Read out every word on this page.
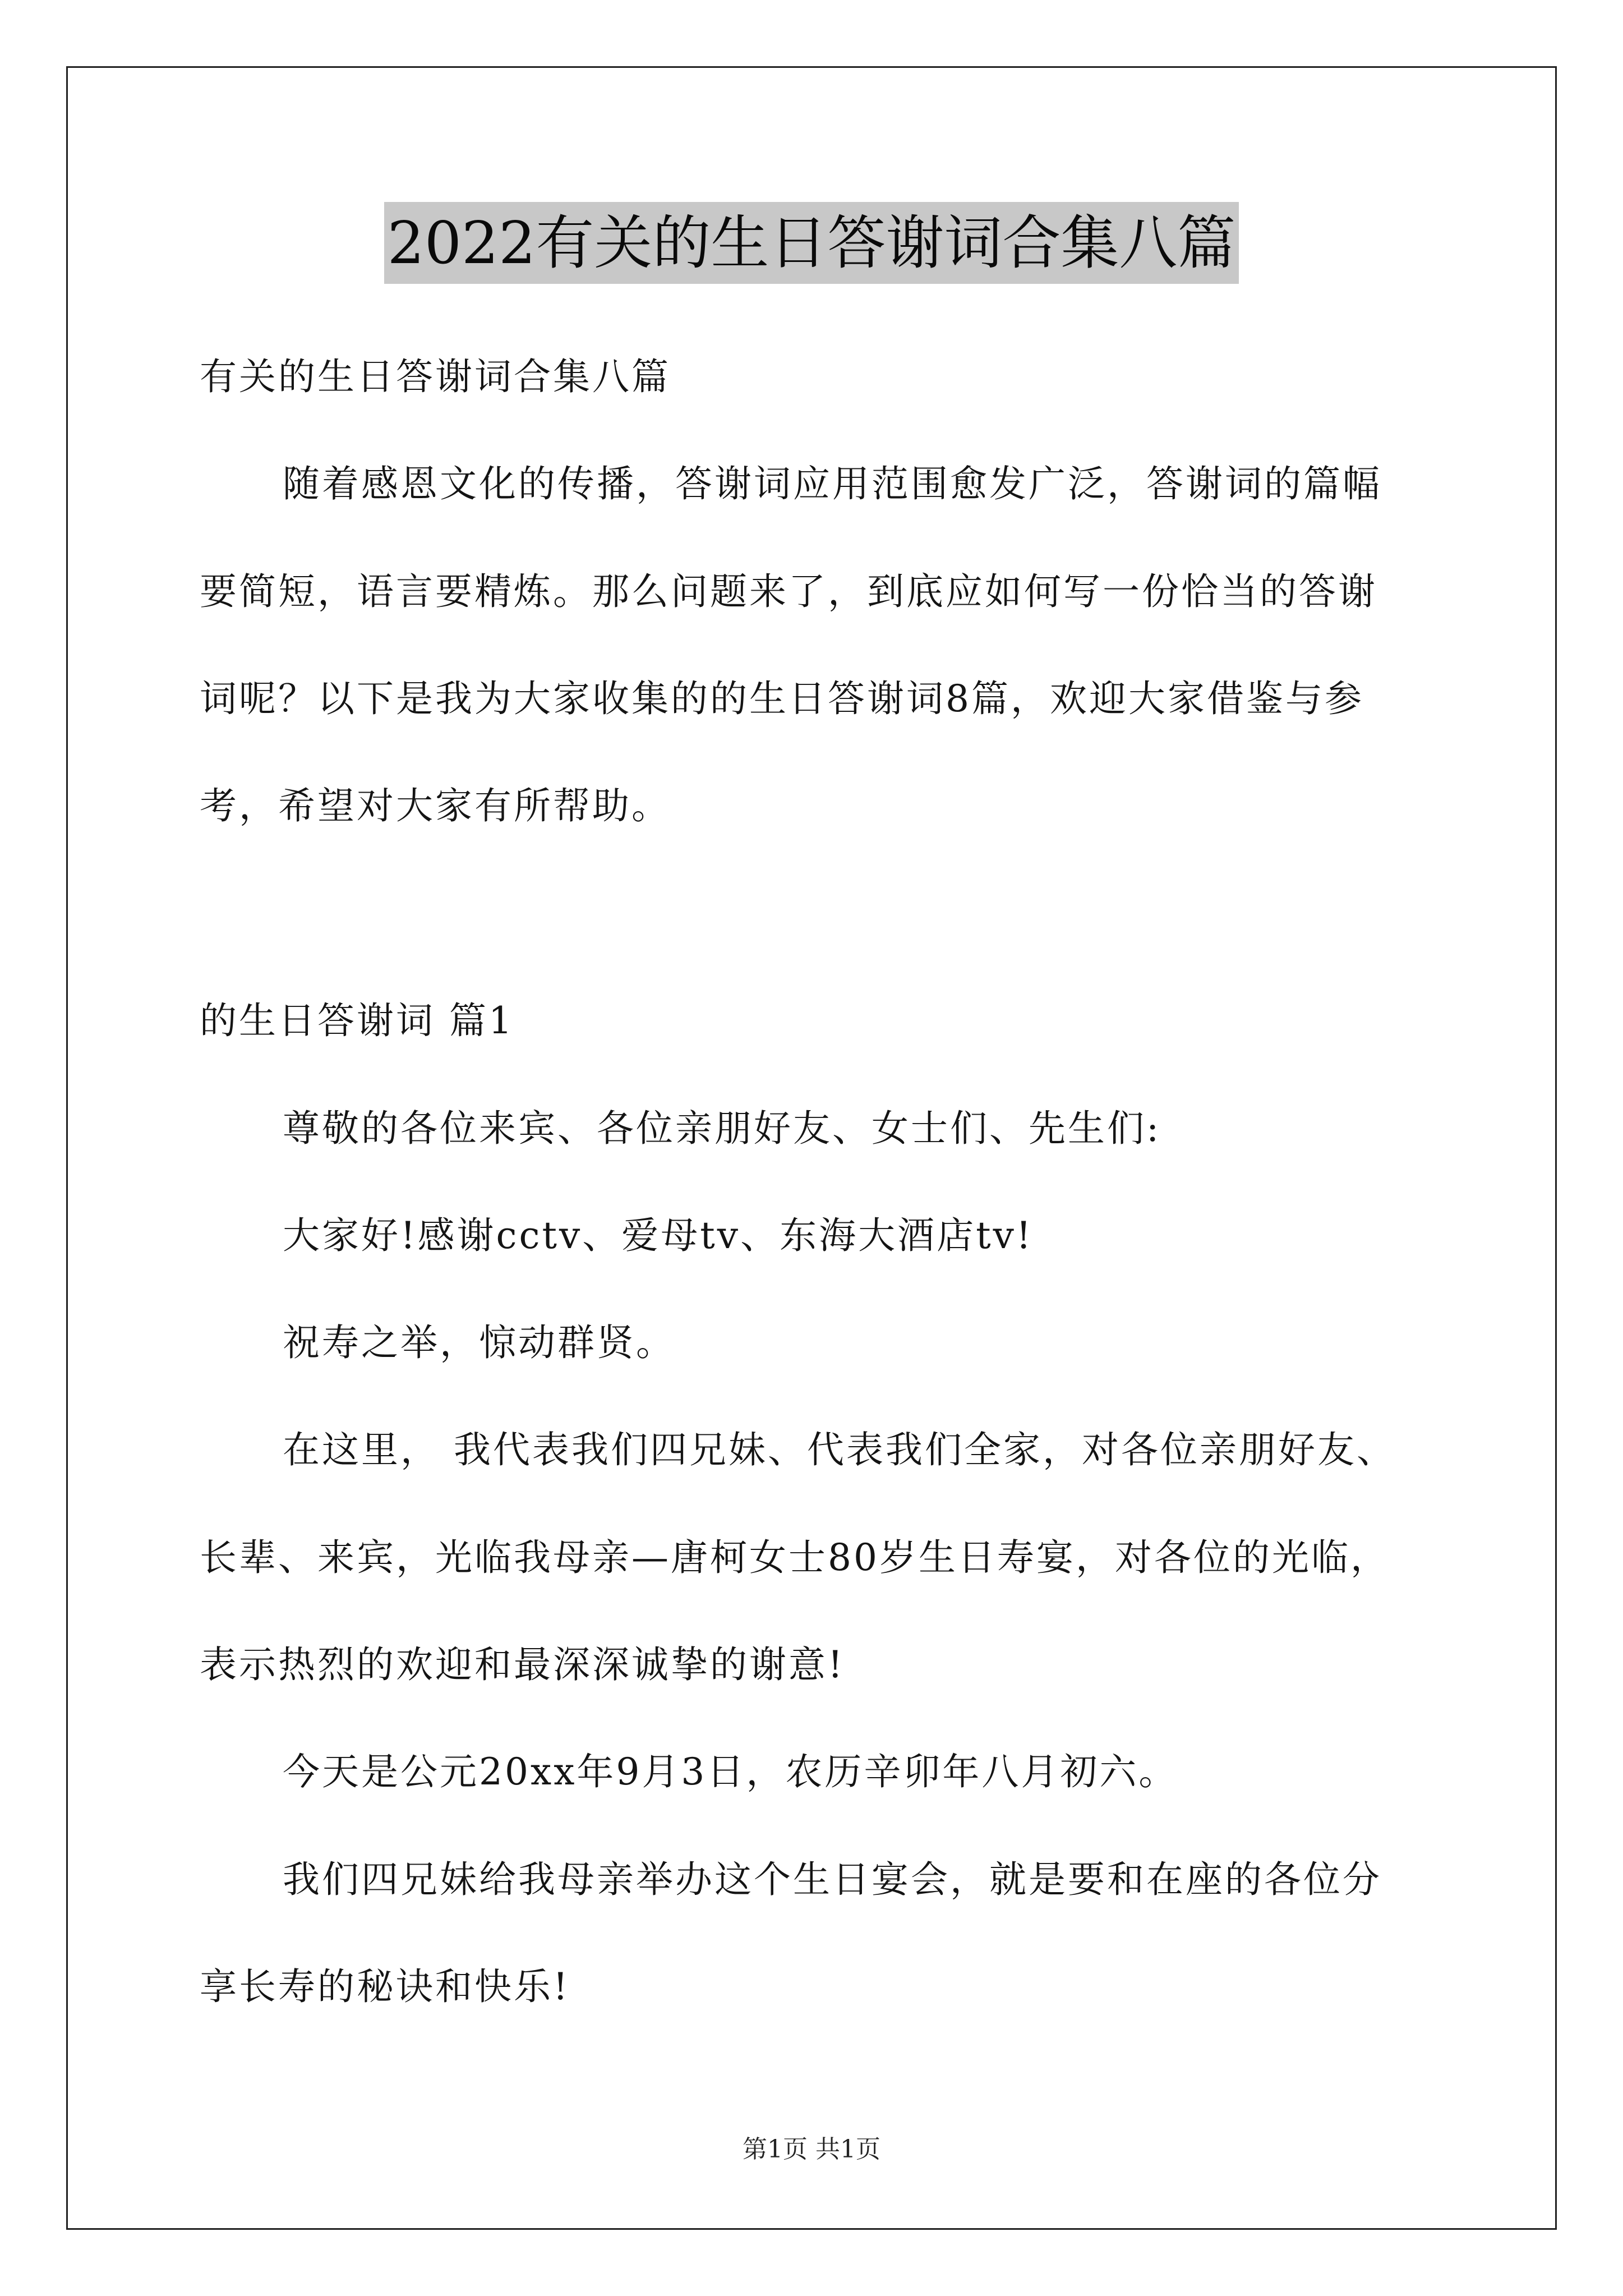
2022有关的生日答谢词合集八篇
有关的生日答谢词合集八篇
随着感恩文化的传播，答谢词应用范围愈发广泛，答谢词的篇幅
要简短，语言要精炼。那么问题来了，到底应如何写一份恰当的答谢
词呢？以下是我为大家收集的的生日答谢词8篇，欢迎大家借鉴与参
考，希望对大家有所帮助。
的生日答谢词 篇1
尊敬的各位来宾、各位亲朋好友、女士们、先生们:
大家好!感谢cctv、爱母tv、东海大酒店tv!
祝寿之举，惊动群贤。
在这里， 我代表我们四兄妹、代表我们全家，对各位亲朋好友、
长辈、来宾，光临我母亲—唐柯女士80岁生日寿宴，对各位的光临，
表示热烈的欢迎和最深深诚挚的谢意!
今天是公元20xx年9月3日，农历辛卯年八月初六。
我们四兄妹给我母亲举办这个生日宴会，就是要和在座的各位分
享长寿的秘诀和快乐!
第1页 共1页
